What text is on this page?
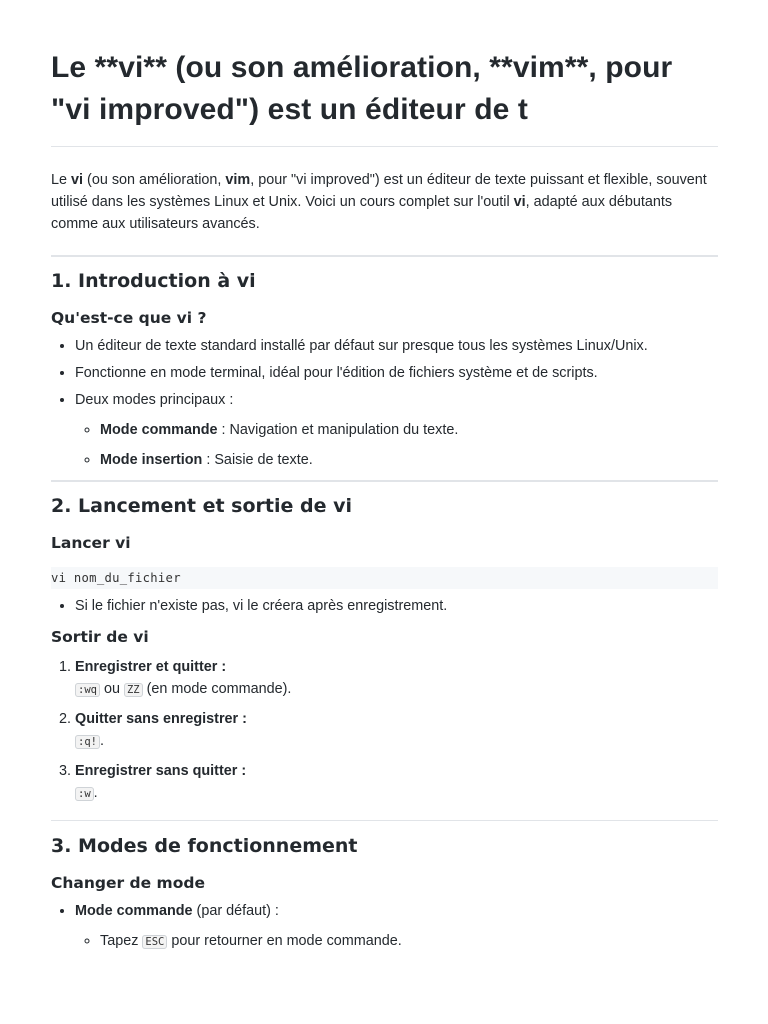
Le **vi** (ou son amélioration, **vim**, pour "vi improved") est un éditeur de t

Le vi (ou son amélioration, vim, pour "vi improved") est un éditeur de texte puissant et flexible, souvent utilisé dans les systèmes Linux et Unix. Voici un cours complet sur l'outil vi, adapté aux débutants comme aux utilisateurs avancés.

1. Introduction à vi
Qu'est-ce que vi ?
• Un éditeur de texte standard installé par défaut sur presque tous les systèmes Linux/Unix.
• Fonctionne en mode terminal, idéal pour l'édition de fichiers système et de scripts.
• Deux modes principaux :
◦ Mode commande : Navigation et manipulation du texte.
◦ Mode insertion : Saisie de texte.
2. Lancement et sortie de vi
Lancer vi
vi nom_du_fichier
• Si le fichier n'existe pas, vi le créera après enregistrement.
Sortir de vi
1. Enregistrer et quitter :
:wq ou ZZ (en mode commande).
2. Quitter sans enregistrer :
:q! .
3. Enregistrer sans quitter :
:w .
3. Modes de fonctionnement
Changer de mode
• Mode commande (par défaut) :
◦ Tapez ESC pour retourner en mode commande.
